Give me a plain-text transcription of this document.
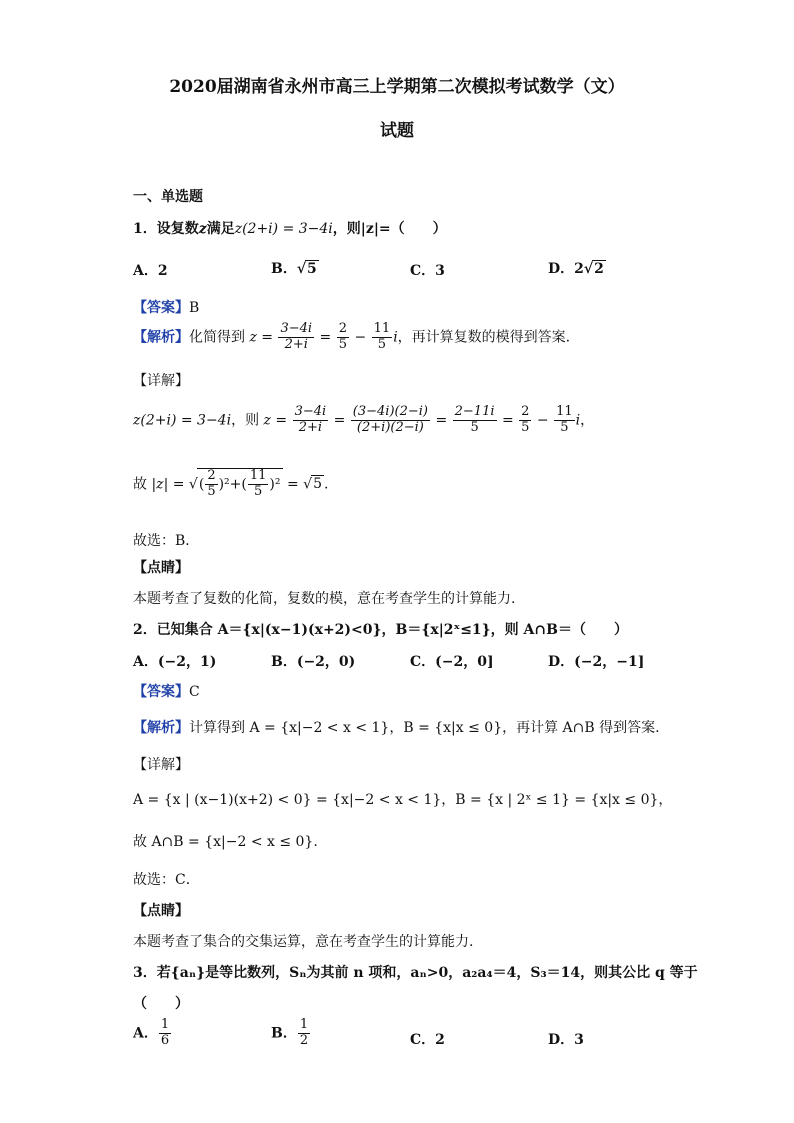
2020届湖南省永州市高三上学期第二次模拟考试数学（文）
试题
一、单选题
1．设复数z满足z(2+i) = 3−4i，则|z|=（　　）
A．2	B．√5	C．3	D．2√2
【答案】B
【解析】化简得到 $z = \frac{3-4i}{2+i} = \frac{2}{5} - \frac{11}{5}$ i，再计算复数的模得到答案.
【详解】
z(2+i) = 3−4i，则 $z = \frac{3-4i}{2+i} = \frac{(3-4i)(2-i)}{(2+i)(2-i)} = \frac{2-11i}{5} = \frac{2}{5} - \frac{11}{5}$ i，
故 |z| = √( $\frac{2}{5} )^2+( \frac{11}{5} )^2 = √5$ .
故选：B．
【点睛】
本题考查了复数的化简，复数的模，意在考查学生的计算能力.
2．已知集合 A＝{x|(x−1)(x+2)<0}，B＝{x|2ˣ≤1}，则 A∩B＝（　　）
A．(−2，1)	B．(−2，0)	C．(−2，0]	D．(−2，−1]
【答案】C
【解析】计算得到 A = {x|−2 < x < 1}，B = {x|x ≤ 0}，再计算 A∩B 得到答案.
【详解】
A = {x | (x−1)(x+2) < 0} = {x|−2 < x < 1}，B = {x | 2ˣ ≤ 1} = {x|x ≤ 0}，
故 A∩B = {x|−2 < x ≤ 0}.
故选：C．
【点睛】
本题考查了集合的交集运算，意在考查学生的计算能力.
3．若{aₙ}是等比数列，Sₙ为其前 n 项和，aₙ>0，a₂a₄＝4，S₃＝14，则其公比 q 等于
（　　）
A． $\frac{1}{6}$	B． $\frac{1}{2}$	C．2	D．3
